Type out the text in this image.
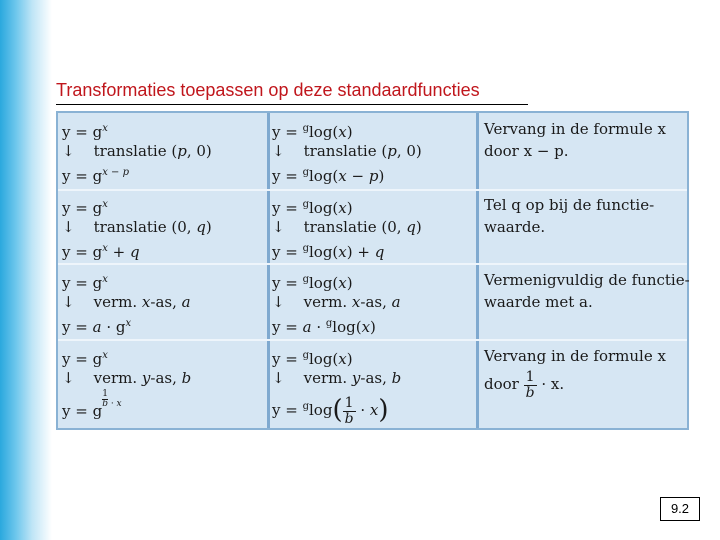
Transformaties toepassen op deze standaardfuncties
$y = g^x$
↓    translatie (p, 0)
$y = g^{x - p}$
y = $^g$log(x)
↓    translatie (p, 0)
y = $^g$log(x − p)
Vervang in de formule x
door x − p.
$y = g^x$
↓    translatie (0, q)
$y = g^x + q$
y = $^g$log(x)
↓    translatie (0, q)
y = $^g$log(x) + q
Tel q op bij de functie-
waarde.
$y = g^x$
↓    verm. x-as, a
$y = a \cdot g^x$
y = $^g$log(x)
↓    verm. x-as, a
y = a · $^g$log(x)
Vermenigvuldig de functie-
waarde met a.
$y = g^x$
↓    verm. y-as, b
y = g
$\frac{1}{b} ^{\cdot x}$
y = $^g$log(x)
↓    verm. y-as, b
$y = ^g\log( \frac{1}{b} \cdot x)$
Vervang in de formule x
door $\frac{1}{b} \cdot x$.
9.2
